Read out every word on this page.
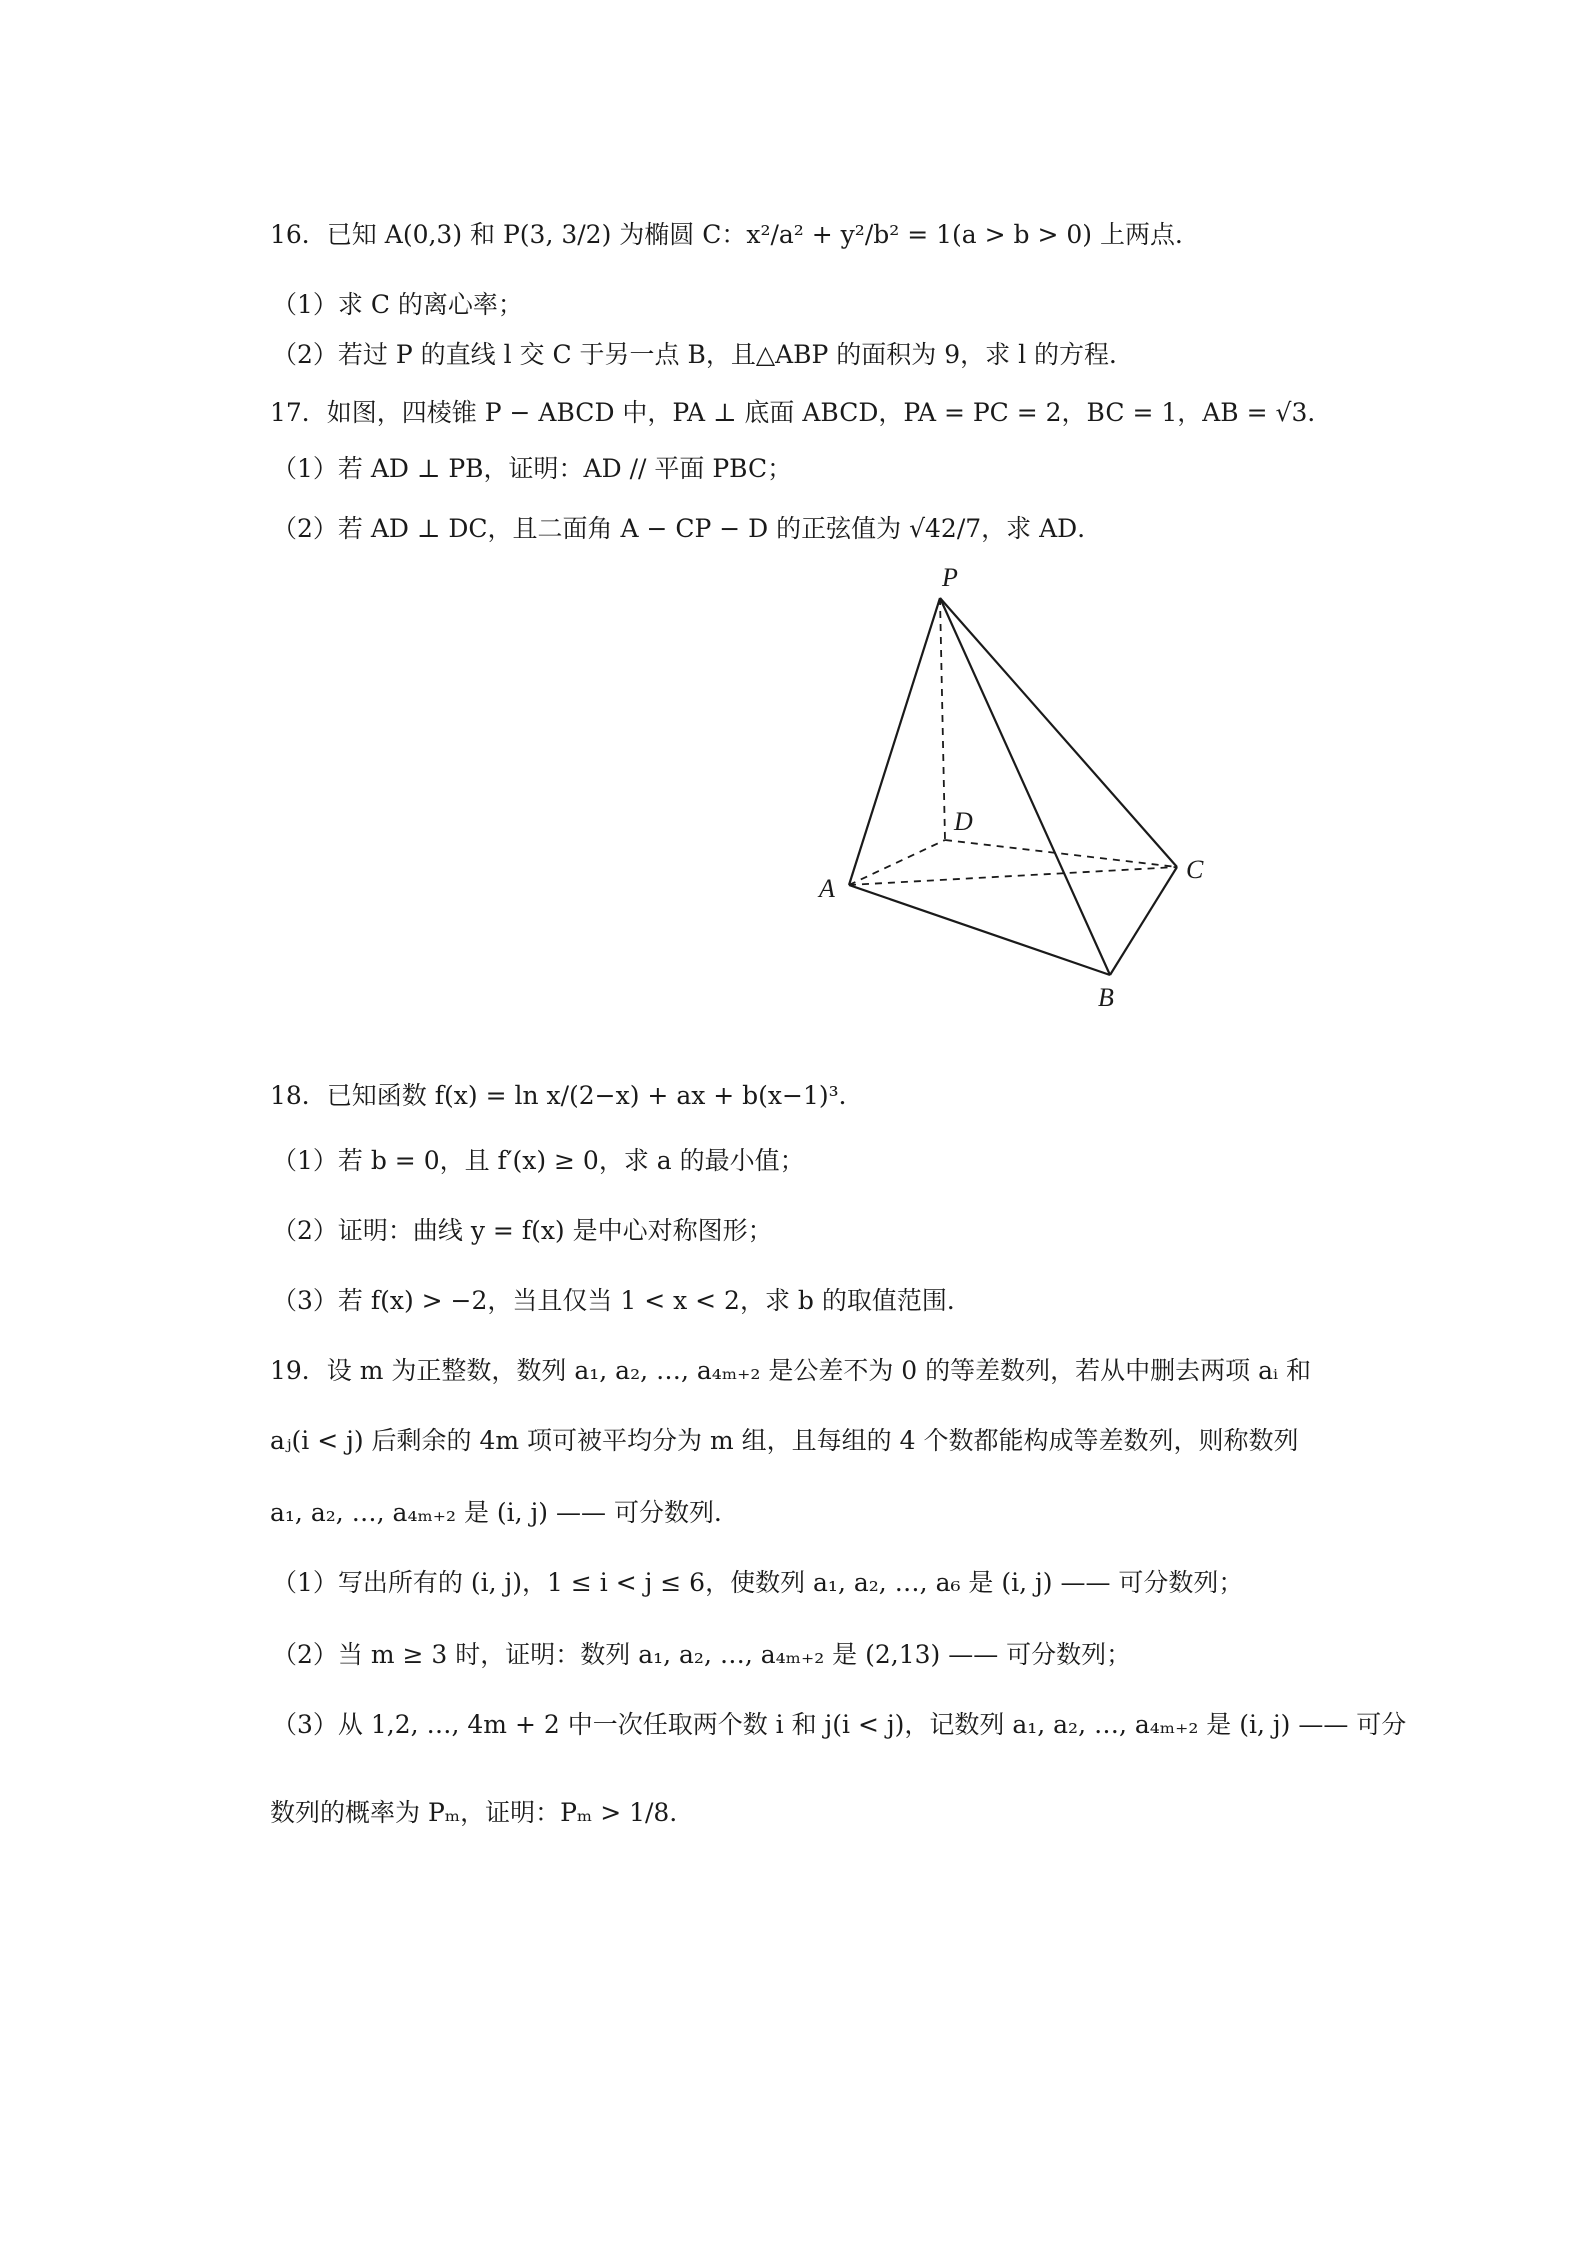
16．已知 A(0,3) 和 P(3, 3/2) 为椭圆 C：x²/a² + y²/b² = 1(a > b > 0) 上两点．
（1）求 C 的离心率；
（2）若过 P 的直线 l 交 C 于另一点 B，且△ABP 的面积为 9，求 l 的方程．
17．如图，四棱锥 P − ABCD 中，PA ⊥ 底面 ABCD，PA = PC = 2，BC = 1，AB = √3．
（1）若 AD ⊥ PB，证明：AD // 平面 PBC；
（2）若 AD ⊥ DC，且二面角 A − CP − D 的正弦值为 √42/7，求 AD．
P
D
A
C
B
18．已知函数 f(x) = ln x/(2−x) + ax + b(x−1)³．
（1）若 b = 0，且 f′(x) ≥ 0，求 a 的最小值；
（2）证明：曲线 y = f(x) 是中心对称图形；
（3）若 f(x) > −2，当且仅当 1 < x < 2，求 b 的取值范围．
19．设 m 为正整数，数列 a₁, a₂, …, a₄ₘ₊₂ 是公差不为 0 的等差数列，若从中删去两项 aᵢ 和
aⱼ(i < j) 后剩余的 4m 项可被平均分为 m 组，且每组的 4 个数都能构成等差数列，则称数列
a₁, a₂, …, a₄ₘ₊₂ 是 (i, j) —— 可分数列．
（1）写出所有的 (i, j)，1 ≤ i < j ≤ 6，使数列 a₁, a₂, …, a₆ 是 (i, j) —— 可分数列；
（2）当 m ≥ 3 时，证明：数列 a₁, a₂, …, a₄ₘ₊₂ 是 (2,13) —— 可分数列；
（3）从 1,2, …, 4m + 2 中一次任取两个数 i 和 j(i < j)，记数列 a₁, a₂, …, a₄ₘ₊₂ 是 (i, j) —— 可分
数列的概率为 Pₘ，证明：Pₘ > 1/8．
